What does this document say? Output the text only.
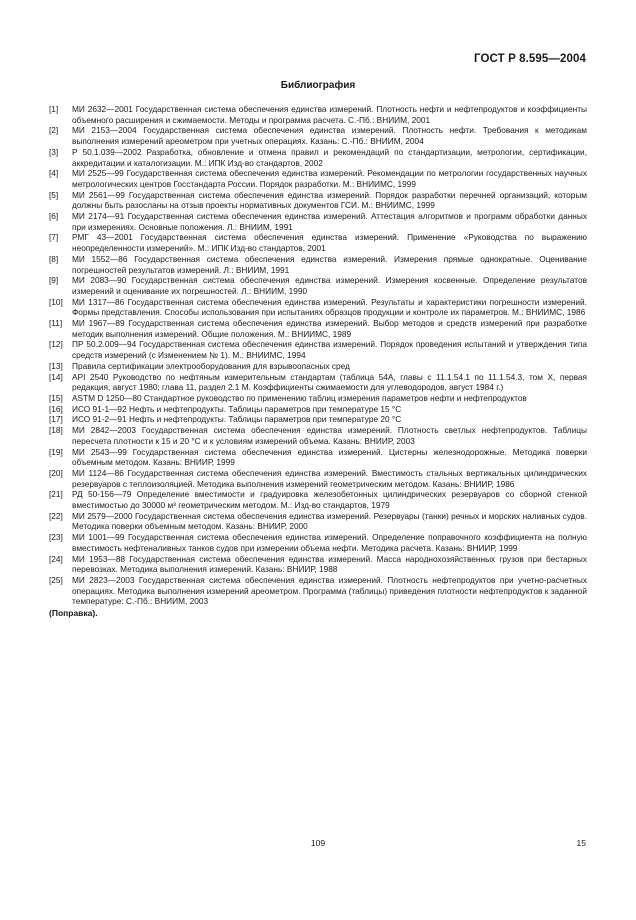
ГОСТ Р 8.595—2004
Библиография
[1]	МИ 2632—2001 Государственная система обеспечения единства измерений. Плотность нефти и нефтепродуктов и коэффициенты объемного расширения и сжимаемости. Методы и программа расчета. С.-Пб.: ВНИИМ, 2001
[2]	МИ 2153—2004 Государственная система обеспечения единства измерений. Плотность нефти. Требования к методикам выполнения измерений ареометром при учетных операциях. Казань: С.-Пб.: ВНИИМ, 2004
[3]	Р 50.1.039—2002 Разработка, обновление и отмена правил и рекомендаций по стандартизации, метрологии, сертификации, аккредитации и каталогизации. М.: ИПК Изд-во стандартов, 2002
[4]	МИ 2525—99 Государственная система обеспечения единства измерений. Рекомендации по метрологии государственных научных метрологических центров Госстандарта России. Порядок разработки. М.: ВНИИМС, 1999
[5]	МИ 2561—99 Государственная система обеспечения единства измерений. Порядок разработки перечней организаций, которым должны быть разосланы на отзыв проекты нормативных документов ГСИ. М.: ВНИИМС, 1999
[6]	МИ 2174—91 Государственная система обеспечения единства измерений. Аттестация алгоритмов и программ обработки данных при измерениях. Основные положения. Л.: ВНИИМ, 1991
[7]	РМГ 43—2001 Государственная система обеспечения единства измерений. Применение «Руководства по выражению неопределенности измерений». М.: ИПК Изд-во стандартов, 2001
[8]	МИ 1552—86 Государственная система обеспечения единства измерений. Измерения прямые однократные. Оценивание погрешностей результатов измерений. Л.: ВНИИМ, 1991
[9]	МИ 2083—90 Государственная система обеспечения единства измерений. Измерения косвенные. Определение результатов измерений и оценивание их погрешностей. Л.: ВНИИМ, 1990
[10]	МИ 1317—86 Государственная система обеспечения единства измерений. Результаты и характеристики погрешности измерений. Формы представления. Способы использования при испытаниях образцов продукции и контроле их параметров. М.: ВНИИМС, 1986
[11]	МИ 1967—89 Государственная система обеспечения единства измерений. Выбор методов и средств измерений при разработке методик выполнения измерений. Общие положения. М.: ВНИИМС, 1989
[12]	ПР 50.2.009—94 Государственная система обеспечения единства измерений. Порядок проведения испытаний и утверждения типа средств измерений (с Изменением № 1). М.: ВНИИМС, 1994
[13]	Правила сертификации электрооборудования для взрывоопасных сред
[14]	API 2540 Руководство по нефтяным измерительным стандартам (таблица 54А, главы с 11.1.54.1 по 11.1.54.3, том X, первая редакция, август 1980; глава 11, раздел 2.1 М. Коэффициенты сжимаемости для углеводородов, август 1984 г.)
[15]	ASTM D 1250—80 Стандартное руководство по применению таблиц измерения параметров нефти и нефтепродуктов
[16]	ИСО 91-1—92 Нефть и нефтепродукты. Таблицы параметров при температуре 15 °С
[17]	ИСО 91-2—91 Нефть и нефтепродукты. Таблицы параметров при температуре 20 °С
[18]	МИ 2842—2003 Государственная система обеспечения единства измерений. Плотность светлых нефтепродуктов. Таблицы пересчета плотности к 15 и 20 °С и к условиям измерений объема. Казань: ВНИИР, 2003
[19]	МИ 2543—99 Государственная система обеспечения единства измерений. Цистерны железнодорожные. Методика поверки объемным методом. Казань: ВНИИР, 1999
[20]	МИ 1124—86 Государственная система обеспечения единства измерений. Вместимость стальных вертикальных цилиндрических резервуаров с теплоизоляцией. Методика выполнения измерений геометрическим методом. Казань: ВНИИР, 1986
[21]	РД 50-156—79 Определение вместимости и градуировка железобетонных цилиндрических резервуаров со сборной стенкой вместимостью до 30000 м³ геометрическим методом. М.: Изд-во стандартов, 1979
[22]	МИ 2579—2000 Государственная система обеспечения единства измерений. Резервуары (танки) речных и морских наливных судов. Методика поверки объемным методом. Казань: ВНИИР, 2000
[23]	МИ 1001—99 Государственная система обеспечения единства измерений. Определение поправочного коэффициента на полную вместимость нефтеналивных танков судов при измерении объема нефти. Методика расчета. Казань: ВНИИР, 1999
[24]	МИ 1953—88 Государственная система обеспечения единства измерений. Масса народнохозяйственных грузов при бестарных перевозках. Методика выполнения измерений. Казань: ВНИИР, 1988
[25]	МИ 2823—2003 Государственная система обеспечения единства измерений. Плотность нефтепродуктов при учетно-расчетных операциях. Методика выполнения измерений ареометром. Программа (таблицы) приведения плотности нефтепродуктов к заданной температуре: С.-Пб.: ВНИИМ, 2003
(Поправка).
109	15
